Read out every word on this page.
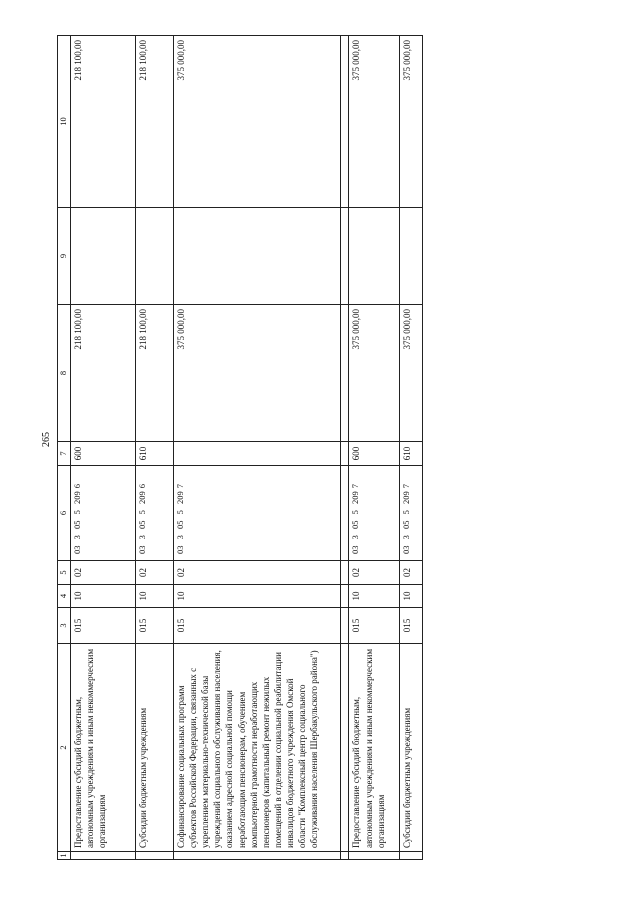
265
1	2	3	4	5	6	7	8	9	10
	Предоставление субсидий бюджетным, автономным учреждениям и иным некоммерческим организациям	015	10	02	03 3 05 5 2096	600	218 100,00		218 100,00
	Субсидии бюджетным учреждениям	015	10	02	03 3 05 5 2096	610	218 100,00		218 100,00
	Софинансирование социальных программ субъектов Российской Федерации, связанных с укреплением материально-технической базы учреждений социального обслуживания населения, оказанием адресной социальной помощи неработающим пенсионерам, обучением компьютерной грамотности неработающих пенсионеров (капитальный ремонт нежилых помещений в отделении социальной реабилитации инвалидов бюджетного учреждения Омской области "Комплексный центр социального обслуживания населения Шербакульского района")	015	10	02	03 3 05 5 2097		375 000,00		375 000,00

	Предоставление субсидий бюджетным, автономным учреждениям и иным некоммерческим организациям	015	10	02	03 3 05 5 2097	600	375 000,00		375 000,00
	Субсидии бюджетным учреждениям	015	10	02	03 3 05 5 2097	610	375 000,00		375 000,00
